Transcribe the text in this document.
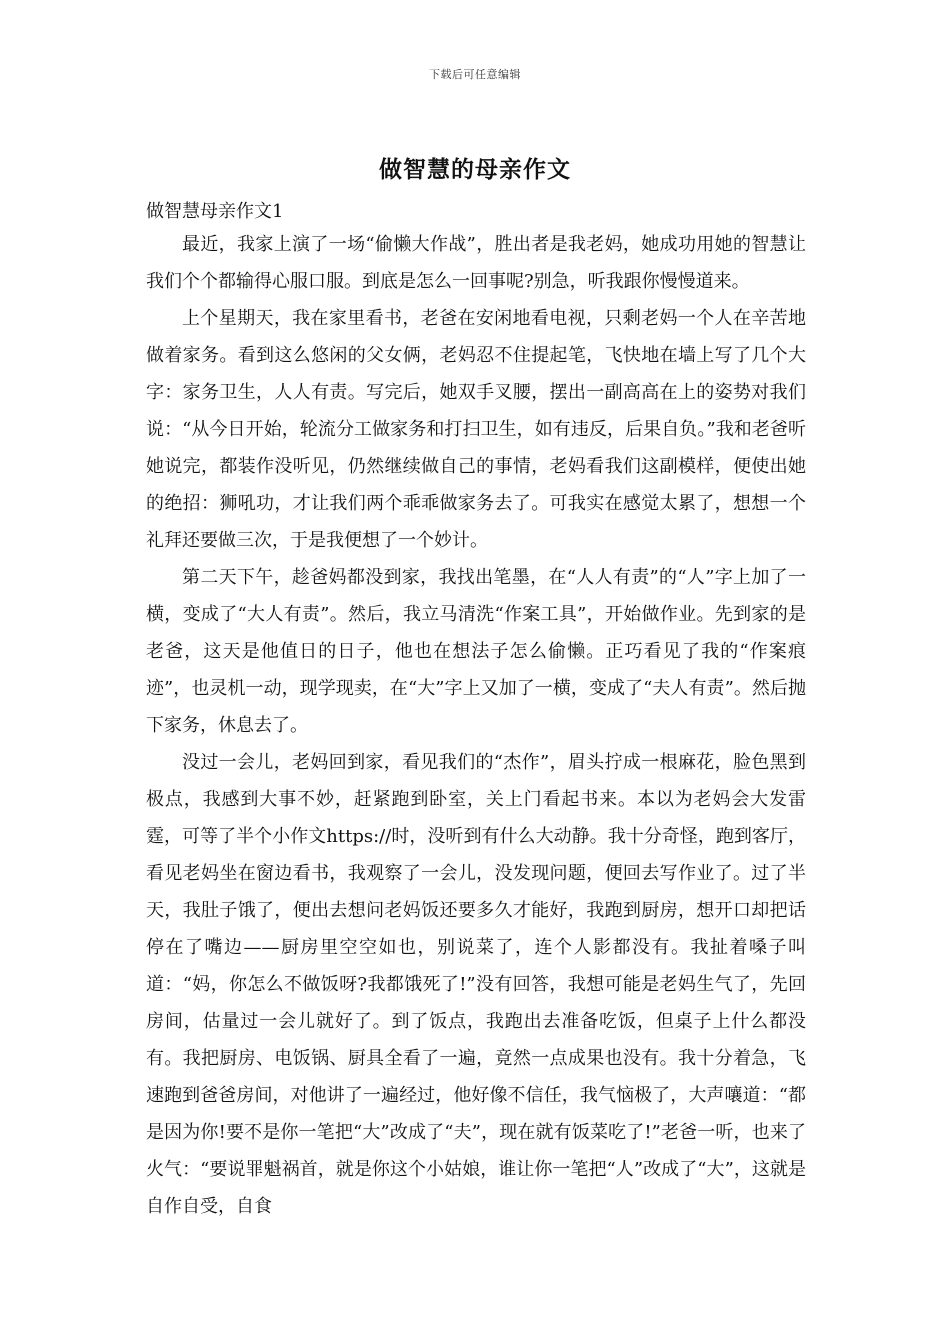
下载后可任意编辑
做智慧的母亲作文

做智慧母亲作文1

最近，我家上演了一场“偷懒大作战”，胜出者是我老妈，她成功用她的智慧让我们个个都输得心服口服。到底是怎么一回事呢?别急，听我跟你慢慢道来。

上个星期天，我在家里看书，老爸在安闲地看电视，只剩老妈一个人在辛苦地做着家务。看到这么悠闲的父女俩，老妈忍不住提起笔，飞快地在墙上写了几个大字：家务卫生，人人有责。写完后，她双手叉腰，摆出一副高高在上的姿势对我们说：“从今日开始，轮流分工做家务和打扫卫生，如有违反，后果自负。”我和老爸听她说完，都装作没听见，仍然继续做自己的事情，老妈看我们这副模样，便使出她的绝招：狮吼功，才让我们两个乖乖做家务去了。可我实在感觉太累了，想想一个礼拜还要做三次，于是我便想了一个妙计。

第二天下午，趁爸妈都没到家，我找出笔墨，在“人人有责”的“人”字上加了一横，变成了“大人有责”。然后，我立马清洗“作案工具”，开始做作业。先到家的是老爸，这天是他值日的日子，他也在想法子怎么偷懒。正巧看见了我的“作案痕迹”，也灵机一动，现学现卖，在“大”字上又加了一横，变成了“夫人有责”。然后抛下家务，休息去了。

没过一会儿，老妈回到家，看见我们的“杰作”，眉头拧成一根麻花，脸色黑到极点，我感到大事不妙，赶紧跑到卧室，关上门看起书来。本以为老妈会大发雷霆，可等了半个小作文https://时，没听到有什么大动静。我十分奇怪，跑到客厅，看见老妈坐在窗边看书，我观察了一会儿，没发现问题，便回去写作业了。过了半天，我肚子饿了，便出去想问老妈饭还要多久才能好，我跑到厨房，想开口却把话停在了嘴边——厨房里空空如也，别说菜了，连个人影都没有。我扯着嗓子叫道：“妈，你怎么不做饭呀?我都饿死了!”没有回答，我想可能是老妈生气了，先回房间，估量过一会儿就好了。到了饭点，我跑出去准备吃饭，但桌子上什么都没有。我把厨房、电饭锅、厨具全看了一遍，竟然一点成果也没有。我十分着急，飞速跑到爸爸房间，对他讲了一遍经过，他好像不信任，我气恼极了，大声嚷道：“都是因为你!要不是你一笔把“大”改成了“夫”，现在就有饭菜吃了!”老爸一听，也来了火气：“要说罪魁祸首，就是你这个小姑娘，谁让你一笔把“人”改成了“大”，这就是自作自受，自食
